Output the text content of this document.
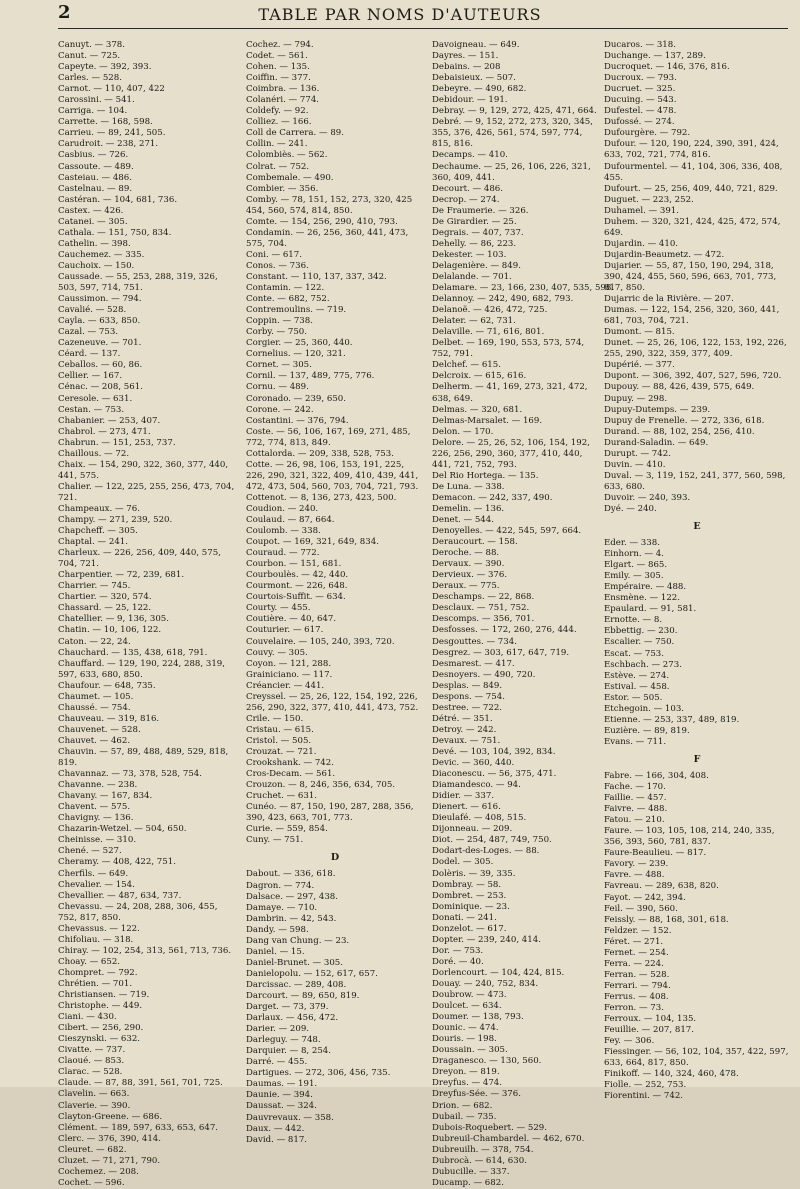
2	TABLE PAR NOMS D'AUTEURS
Canuyt. — 378.
Canut. — 725.
Capeyte. — 392, 393.
Carles. — 528.
Carnot. — 110, 407, 422
Carossini. — 541.
Carriga. — 104.
Carrette. — 168, 598.
Carrieu. — 89, 241, 505.
Carudroit. — 238, 271.
Casbius. — 726.
Cassoute. — 489.
Casteiau. — 486.
Castelnau. — 89.
Castéran. — 104, 681, 736.
Castex. — 426.
Catanei. — 305.
Cathala. — 151, 750, 834.
Cathelin. — 398.
Cauchemez. — 335.
Cauchoix. — 150.
Caussade. — 55, 253, 288, 319, 326, 503, 597, 714, 751.
Caussimon. — 794.
Cavalié. — 528.
Cayla. — 633, 850.
Cazal. — 753.
Cazeneuve. — 701.
Céard. — 137.
Ceballos. — 60, 86.
Cellier. — 167.
Cénac. — 208, 561.
Ceresole. — 631.
Cestan. — 753.
Chabanier. — 253, 407.
Chabrol. — 273, 471.
Chabrun. — 151, 253, 737.
Chaillous. — 72.
Chaix. — 154, 290, 322, 360, 377, 440, 441, 575.
Chalier. — 122, 225, 255, 256, 473, 704, 721.
Champeaux. — 76.
Champy. — 271, 239, 520.
Chapcheff. — 305.
Chaptal. — 241.
Charleux. — 226, 256, 409, 440, 575, 704, 721.
Charpentier. — 72, 239, 681.
Charrier. — 745.
Chartier. — 320, 574.
Chassard. — 25, 122.
Chatellier. — 9, 136, 305.
Chatin. — 10, 106, 122.
Caton. — 22, 24.
Chauchard. — 135, 438, 618, 791.
Chauffard. — 129, 190, 224, 288, 319, 597, 633, 680, 850.
Chaufour. — 648, 735.
Chaumet. — 105.
Chaussé. — 754.
Chauveau. — 319, 816.
Chauvenet. — 528.
Chauvet. — 462.
Chauvin. — 57, 89, 488, 489, 529, 818, 819.
Chavannaz. — 73, 378, 528, 754.
Chavanne. — 238.
Chavany. — 167, 834.
Chavent. — 575.
Chavigny. — 136.
Chazarin-Wetzel. — 504, 650.
Cheinisse. — 310.
Chené. — 527.
Cheramy. — 408, 422, 751.
Cherfils. — 649.
Chevalier. — 154.
Chevallier. — 487, 634, 737.
Chevassu. — 24, 208, 288, 306, 455, 752, 817, 850.
Chevassus. — 122.
Chifoliau. — 318.
Chiray. — 102, 254, 313, 561, 713, 736.
Choay. — 652.
Chompret. — 792.
Chrétien. — 701.
Christiansen. — 719.
Christophe. — 449.
Ciani. — 430.
Cibert. — 256, 290.
Cieszynski. — 632.
Civatte. — 737.
Claoué. — 853.
Clarac. — 528.
Claude. — 87, 88, 391, 561, 701, 725.
Clavelin. — 663.
Claverie. — 390.
Clayton-Greene. — 686.
Clément. — 189, 597, 633, 653, 647.
Clerc. — 376, 390, 414.
Cleuret. — 682.
Cluzet. — 71, 271, 790.
Cochemez. — 208.
Cochet. — 596.
Cochez. — 794.
Codet. — 561.
Cohen. — 135.
Coiffin. — 377.
Coimbra. — 136.
Colanéri. — 774.
Coldefy. — 92.
Colliez. — 166.
Coll de Carrera. — 89.
Collin. — 241.
Colombiès. — 562.
Colrat. — 752.
Combemale. — 490.
Combier. — 356.
Comby. — 78, 151, 152, 273, 320, 425 454, 560, 574, 814, 850.
Comte. — 154, 256, 290, 410, 793.
Condamin. — 26, 256, 360, 441, 473, 575, 704.
Coni. — 617.
Conos. — 736.
Constant. — 110, 137, 337, 342.
Contamin. — 122.
Conte. — 682, 752.
Contremoulins. — 719.
Coppin. — 738.
Corby. — 750.
Corgier. — 25, 360, 440.
Cornelius. — 120, 321.
Cornet. — 305.
Cornil. — 137, 489, 775, 776.
Cornu. — 489.
Coronado. — 239, 650.
Corone. — 242.
Costantini. — 376, 794.
Coste. — 56, 106, 167, 169, 271, 485, 772, 774, 813, 849.
Cottalorda. — 209, 338, 528, 753.
Cotte. — 26, 98, 106, 153, 191, 225, 226, 290, 321, 322, 409, 410, 439, 441, 472, 473, 504, 560, 703, 704, 721, 793.
Cottenot. — 8, 136, 273, 423, 500.
Coudion. — 240.
Coulaud. — 87, 664.
Coulomb. — 338.
Coupot. — 169, 321, 649, 834.
Couraud. — 772.
Courbon. — 151, 681.
Courboulès. — 42, 440.
Courmont. — 226, 648.
Courtois-Suffit. — 634.
Courty. — 455.
Coutière. — 40, 647.
Couturier. — 617.
Couvelaire. — 105, 240, 393, 720.
Couvy. — 305.
Coyon. — 121, 288.
Grainiciano. — 117.
Créancier. — 441.
Creyssel. — 25, 26, 122, 154, 192, 226, 256, 290, 322, 377, 410, 441, 473, 752.
Crile. — 150.
Cristau. — 615.
Cristol. — 505.
Crouzat. — 721.
Crookshank. — 742.
Cros-Decam. — 561.
Crouzon. — 8, 246, 356, 634, 705.
Cruchet. — 631.
Cunéo. — 87, 150, 190, 287, 288, 356, 390, 423, 663, 701, 773.
Curie. — 559, 854.
Cuny. — 751.
D
Dabout. — 336, 618.
Dagron. — 774.
Dalsace. — 297, 438.
Damaye. — 710.
Dambrin. — 42, 543.
Dandy. — 598.
Dang van Chung. — 23.
Daniel. — 15.
Daniel-Brunet. — 305.
Danielopolu. — 152, 617, 657.
Darcissac. — 289, 408.
Darcourt. — 89, 650, 819.
Darget. — 73, 379.
Darlaux. — 456, 472.
Darier. — 209.
Darleguy. — 748.
Darquier. — 8, 254.
Darré. — 455.
Dartigues. — 272, 306, 456, 735.
Daumas. — 191.
Daunie. — 394.
Daussat. — 324.
Dauvrevaux. — 358.
Daux. — 442.
David. — 817.
Davoigneau. — 649.
Dayres. — 151.
Debains. — 208
Debaisieux. — 507.
Debeyre. — 490, 682.
Debidour. — 191.
Debray. — 9, 129, 272, 425, 471, 664.
Debré. — 9, 152, 272, 273, 320, 345, 355, 376, 426, 561, 574, 597, 774, 815, 816.
Decamps. — 410.
Dechaume. — 25, 26, 106, 226, 321, 360, 409, 441.
Decourt. — 486.
Decrop. — 274.
De Fraumerie. — 326.
De Girardier. — 25.
Degrais. — 407, 737.
Dehelly. — 86, 223.
Dekester. — 103.
Delagenière. — 849.
Delalande. — 701.
Delamare. — 23, 166, 230, 407, 535, 598.
Delannoy. — 242, 490, 682, 793.
Delanoë. — 426, 472, 725.
Delater. — 62, 731.
Delaville. — 71, 616, 801.
Delbet. — 169, 190, 553, 573, 574, 752, 791.
Delchef. — 615.
Delcroix. — 615, 616.
Delherm. — 41, 169, 273, 321, 472, 638, 649.
Delmas. — 320, 681.
Delmas-Marsalet. — 169.
Delon. — 170.
Delore. — 25, 26, 52, 106, 154, 192, 226, 256, 290, 360, 377, 410, 440, 441, 721, 752, 793.
Del Rio Hortega. — 135.
De Luna. — 338.
Demacon. — 242, 337, 490.
Demelin. — 136.
Denet. — 544.
Denoyelles. — 422, 545, 597, 664.
Deraucourt. — 158.
Deroche. — 88.
Dervaux. — 390.
Dervieux. — 376.
Deraux. — 775.
Deschamps. — 22, 868.
Desclaux. — 751, 752.
Descomps. — 356, 701.
Desfosses. — 172, 260, 276, 444.
Desgouttes. — 734.
Desgrez. — 303, 617, 647, 719.
Desmarest. — 417.
Desnoyers. — 490, 720.
Desplas. — 849.
Despons. — 754.
Destree. — 722.
Détré. — 351.
Detroy. — 242.
Devaux. — 751.
Devé. — 103, 104, 392, 834.
Devic. — 360, 440.
Diaconescu. — 56, 375, 471.
Diamandesco. — 94.
Didier. — 337.
Dienert. — 616.
Dieulafé. — 408, 515.
Dijonneau. — 209.
Diot. — 254, 487, 749, 750.
Dodart-des-Loges. — 88.
Dodel. — 305.
Dolèris. — 39, 335.
Dombray. — 58.
Dombret. — 253.
Dominique. — 23.
Donati. — 241.
Donzelot. — 617.
Dopter. — 239, 240, 414.
Dor. — 753.
Doré. — 40.
Dorlencourt. — 104, 424, 815.
Douay. — 240, 752, 834.
Doubrow. — 473.
Doulcet. — 634.
Doumer. — 138, 793.
Dounic. — 474.
Douris. — 198.
Doussain. — 305.
Draganesco. — 130, 560.
Dreyon. — 819.
Dreyfus. — 474.
Dreyfus-Sée. — 376.
Drion. — 682.
Dubail. — 735.
Dubois-Roquebert. — 529.
Dubreuil-Chambardel. — 462, 670.
Dubreuilh. — 378, 754.
Dubrocà. — 614, 630.
Dubucille. — 337.
Ducamp. — 682.
Ducaros. — 318.
Duchange. — 137, 289.
Ducroquet. — 146, 376, 816.
Ducroux. — 793.
Ducruet. — 325.
Ducuing. — 543.
Dufestel. — 478.
Dufossé. — 274.
Dufourgère. — 792.
Dufour. — 120, 190, 224, 390, 391, 424, 633, 702, 721, 774, 816.
Dufourmentel. — 41, 104, 306, 336, 408, 455.
Dufourt. — 25, 256, 409, 440, 721, 829.
Duguet. — 223, 252.
Duhamel. — 391.
Duhem. — 320, 321, 424, 425, 472, 574, 649.
Dujardin. — 410.
Dujardin-Beaumetz. — 472.
Dujarier. — 55, 87, 150, 190, 294, 318, 390, 424, 455, 560, 596, 663, 701, 773, 817, 850.
Dujarric de la Rivière. — 207.
Dumas. — 122, 154, 256, 320, 360, 441, 681, 703, 704, 721.
Dumont. — 815.
Dunet. — 25, 26, 106, 122, 153, 192, 226, 255, 290, 322, 359, 377, 409.
Dupérié. — 377.
Dupont. — 306, 392, 407, 527, 596, 720.
Dupouy. — 88, 426, 439, 575, 649.
Dupuy. — 298.
Dupuy-Dutemps. — 239.
Dupuy de Frenelle. — 272, 336, 618.
Durand. — 88, 102, 254, 256, 410.
Durand-Saladin. — 649.
Durupt. — 742.
Duvin. — 410.
Duval. — 3, 119, 152, 241, 377, 560, 598, 633, 680.
Duvoir. — 240, 393.
Dyé. — 240.
E
Eder. — 338.
Einhorn. — 4.
Elgart. — 865.
Emily. — 305.
Empéraire. — 488.
Ensmène. — 122.
Epaulard. — 91, 581.
Ernotte. — 8.
Ebbettig. — 230.
Escalier. — 750.
Escat. — 753.
Eschbach. — 273.
Estève. — 274.
Estival. — 458.
Estor. — 505.
Etchegoin. — 103.
Etienne. — 253, 337, 489, 819.
Euzière. — 89, 819.
Evans. — 711.
F
Fabre. — 166, 304, 408.
Fache. — 170.
Faillie. — 457.
Faivre. — 488.
Fatou. — 210.
Faure. — 103, 105, 108, 214, 240, 335, 356, 393, 560, 781, 837.
Faure-Beaulieu. — 817.
Favory. — 239.
Favre. — 488.
Favreau. — 289, 638, 820.
Fayot. — 242, 394.
Feil. — 390, 560.
Feissly. — 88, 168, 301, 618.
Feldzer. — 152.
Féret. — 271.
Fernet. — 254.
Ferra. — 224.
Ferran. — 528.
Ferrari. — 794.
Ferrus. — 408.
Ferron. — 73.
Ferroux. — 104, 135.
Feuillie. — 207, 817.
Fey. — 306.
Fiessinger. — 56, 102, 104, 357, 422, 597, 633, 664, 817, 850.
Finikoff. — 140, 324, 460, 478.
Fiolle. — 252, 753.
Fiorentini. — 742.
